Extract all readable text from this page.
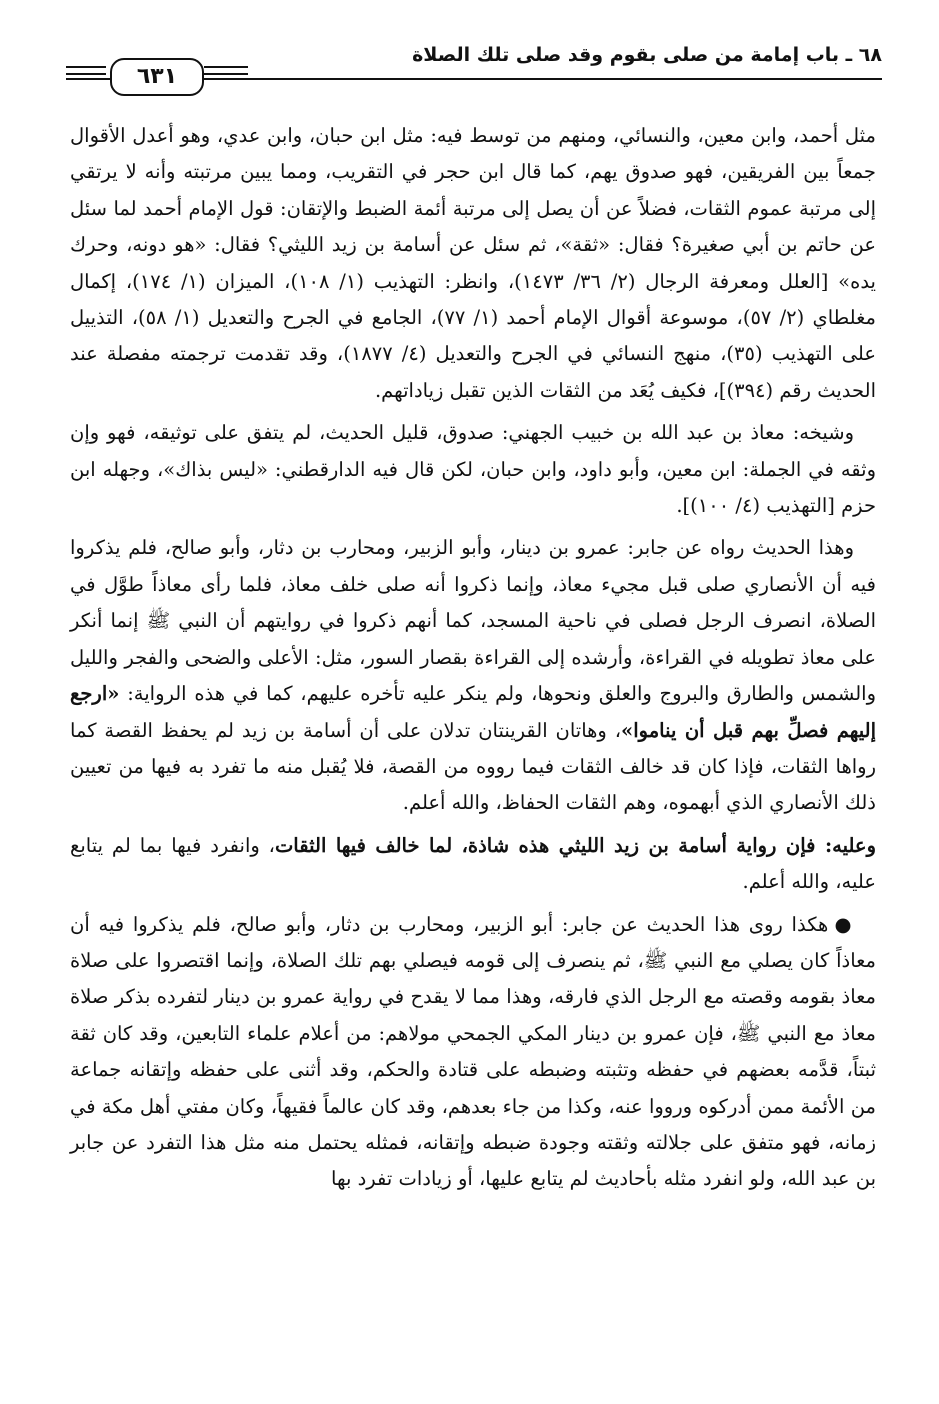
٦٨ ـ باب إمامة من صلى بقوم وقد صلى تلك الصلاة
٦٣١

مثل أحمد، وابن معين، والنسائي، ومنهم من توسط فيه: مثل ابن حبان، وابن عدي، وهو أعدل الأقوال جمعاً بين الفريقين، فهو صدوق يهم، كما قال ابن حجر في التقريب، ومما يبين مرتبته وأنه لا يرتقي إلى مرتبة عموم الثقات، فضلاً عن أن يصل إلى مرتبة أئمة الضبط والإتقان: قول الإمام أحمد لما سئل عن حاتم بن أبي صغيرة؟ فقال: «ثقة»، ثم سئل عن أسامة بن زيد الليثي؟ فقال: «هو دونه، وحرك يده» [العلل ومعرفة الرجال (٢/ ٣٦/ ١٤٧٣)، وانظر: التهذيب (١/ ١٠٨)، الميزان (١/ ١٧٤)، إكمال مغلطاي (٢/ ٥٧)، موسوعة أقوال الإمام أحمد (١/ ٧٧)، الجامع في الجرح والتعديل (١/ ٥٨)، التذييل على التهذيب (٣٥)، منهج النسائي في الجرح والتعديل (٤/ ١٨٧٧)، وقد تقدمت ترجمته مفصلة عند الحديث رقم (٣٩٤)]، فكيف يُعَد من الثقات الذين تقبل زياداتهم.

وشيخه: معاذ بن عبد الله بن خبيب الجهني: صدوق، قليل الحديث، لم يتفق على توثيقه، فهو وإن وثقه في الجملة: ابن معين، وأبو داود، وابن حبان، لكن قال فيه الدارقطني: «ليس بذاك»، وجهله ابن حزم [التهذيب (٤/ ١٠٠)].

وهذا الحديث رواه عن جابر: عمرو بن دينار، وأبو الزبير، ومحارب بن دثار، وأبو صالح، فلم يذكروا فيه أن الأنصاري صلى قبل مجيء معاذ، وإنما ذكروا أنه صلى خلف معاذ، فلما رأى معاذاً طوَّل في الصلاة، انصرف الرجل فصلى في ناحية المسجد، كما أنهم ذكروا في روايتهم أن النبي ﷺ إنما أنكر على معاذ تطويله في القراءة، وأرشده إلى القراءة بقصار السور، مثل: الأعلى والضحى والفجر والليل والشمس والطارق والبروج والعلق ونحوها، ولم ينكر عليه تأخره عليهم، كما في هذه الرواية: «ارجع إليهم فصلِّ بهم قبل أن يناموا»، وهاتان القرينتان تدلان على أن أسامة بن زيد لم يحفظ القصة كما رواها الثقات، فإذا كان قد خالف الثقات فيما رووه من القصة، فلا يُقبل منه ما تفرد به فيها من تعيين ذلك الأنصاري الذي أبهموه، وهم الثقات الحفاظ، والله أعلم.

وعليه: فإن رواية أسامة بن زيد الليثي هذه شاذة، لما خالف فيها الثقات، وانفرد فيها بما لم يتابع عليه، والله أعلم.

● هكذا روى هذا الحديث عن جابر: أبو الزبير، ومحارب بن دثار، وأبو صالح، فلم يذكروا فيه أن معاذاً كان يصلي مع النبي ﷺ، ثم ينصرف إلى قومه فيصلي بهم تلك الصلاة، وإنما اقتصروا على صلاة معاذ بقومه وقصته مع الرجل الذي فارقه، وهذا مما لا يقدح في رواية عمرو بن دينار لتفرده بذكر صلاة معاذ مع النبي ﷺ، فإن عمرو بن دينار المكي الجمحي مولاهم: من أعلام علماء التابعين، وقد كان ثقة ثبتاً، قدَّمه بعضهم في حفظه وتثبته وضبطه على قتادة والحكم، وقد أثنى على حفظه وإتقانه جماعة من الأئمة ممن أدركوه ورووا عنه، وكذا من جاء بعدهم، وقد كان عالماً فقيهاً، وكان مفتي أهل مكة في زمانه، فهو متفق على جلالته وثقته وجودة ضبطه وإتقانه، فمثله يحتمل منه مثل هذا التفرد عن جابر بن عبد الله، ولو انفرد مثله بأحاديث لم يتابع عليها، أو زيادات تفرد بها
